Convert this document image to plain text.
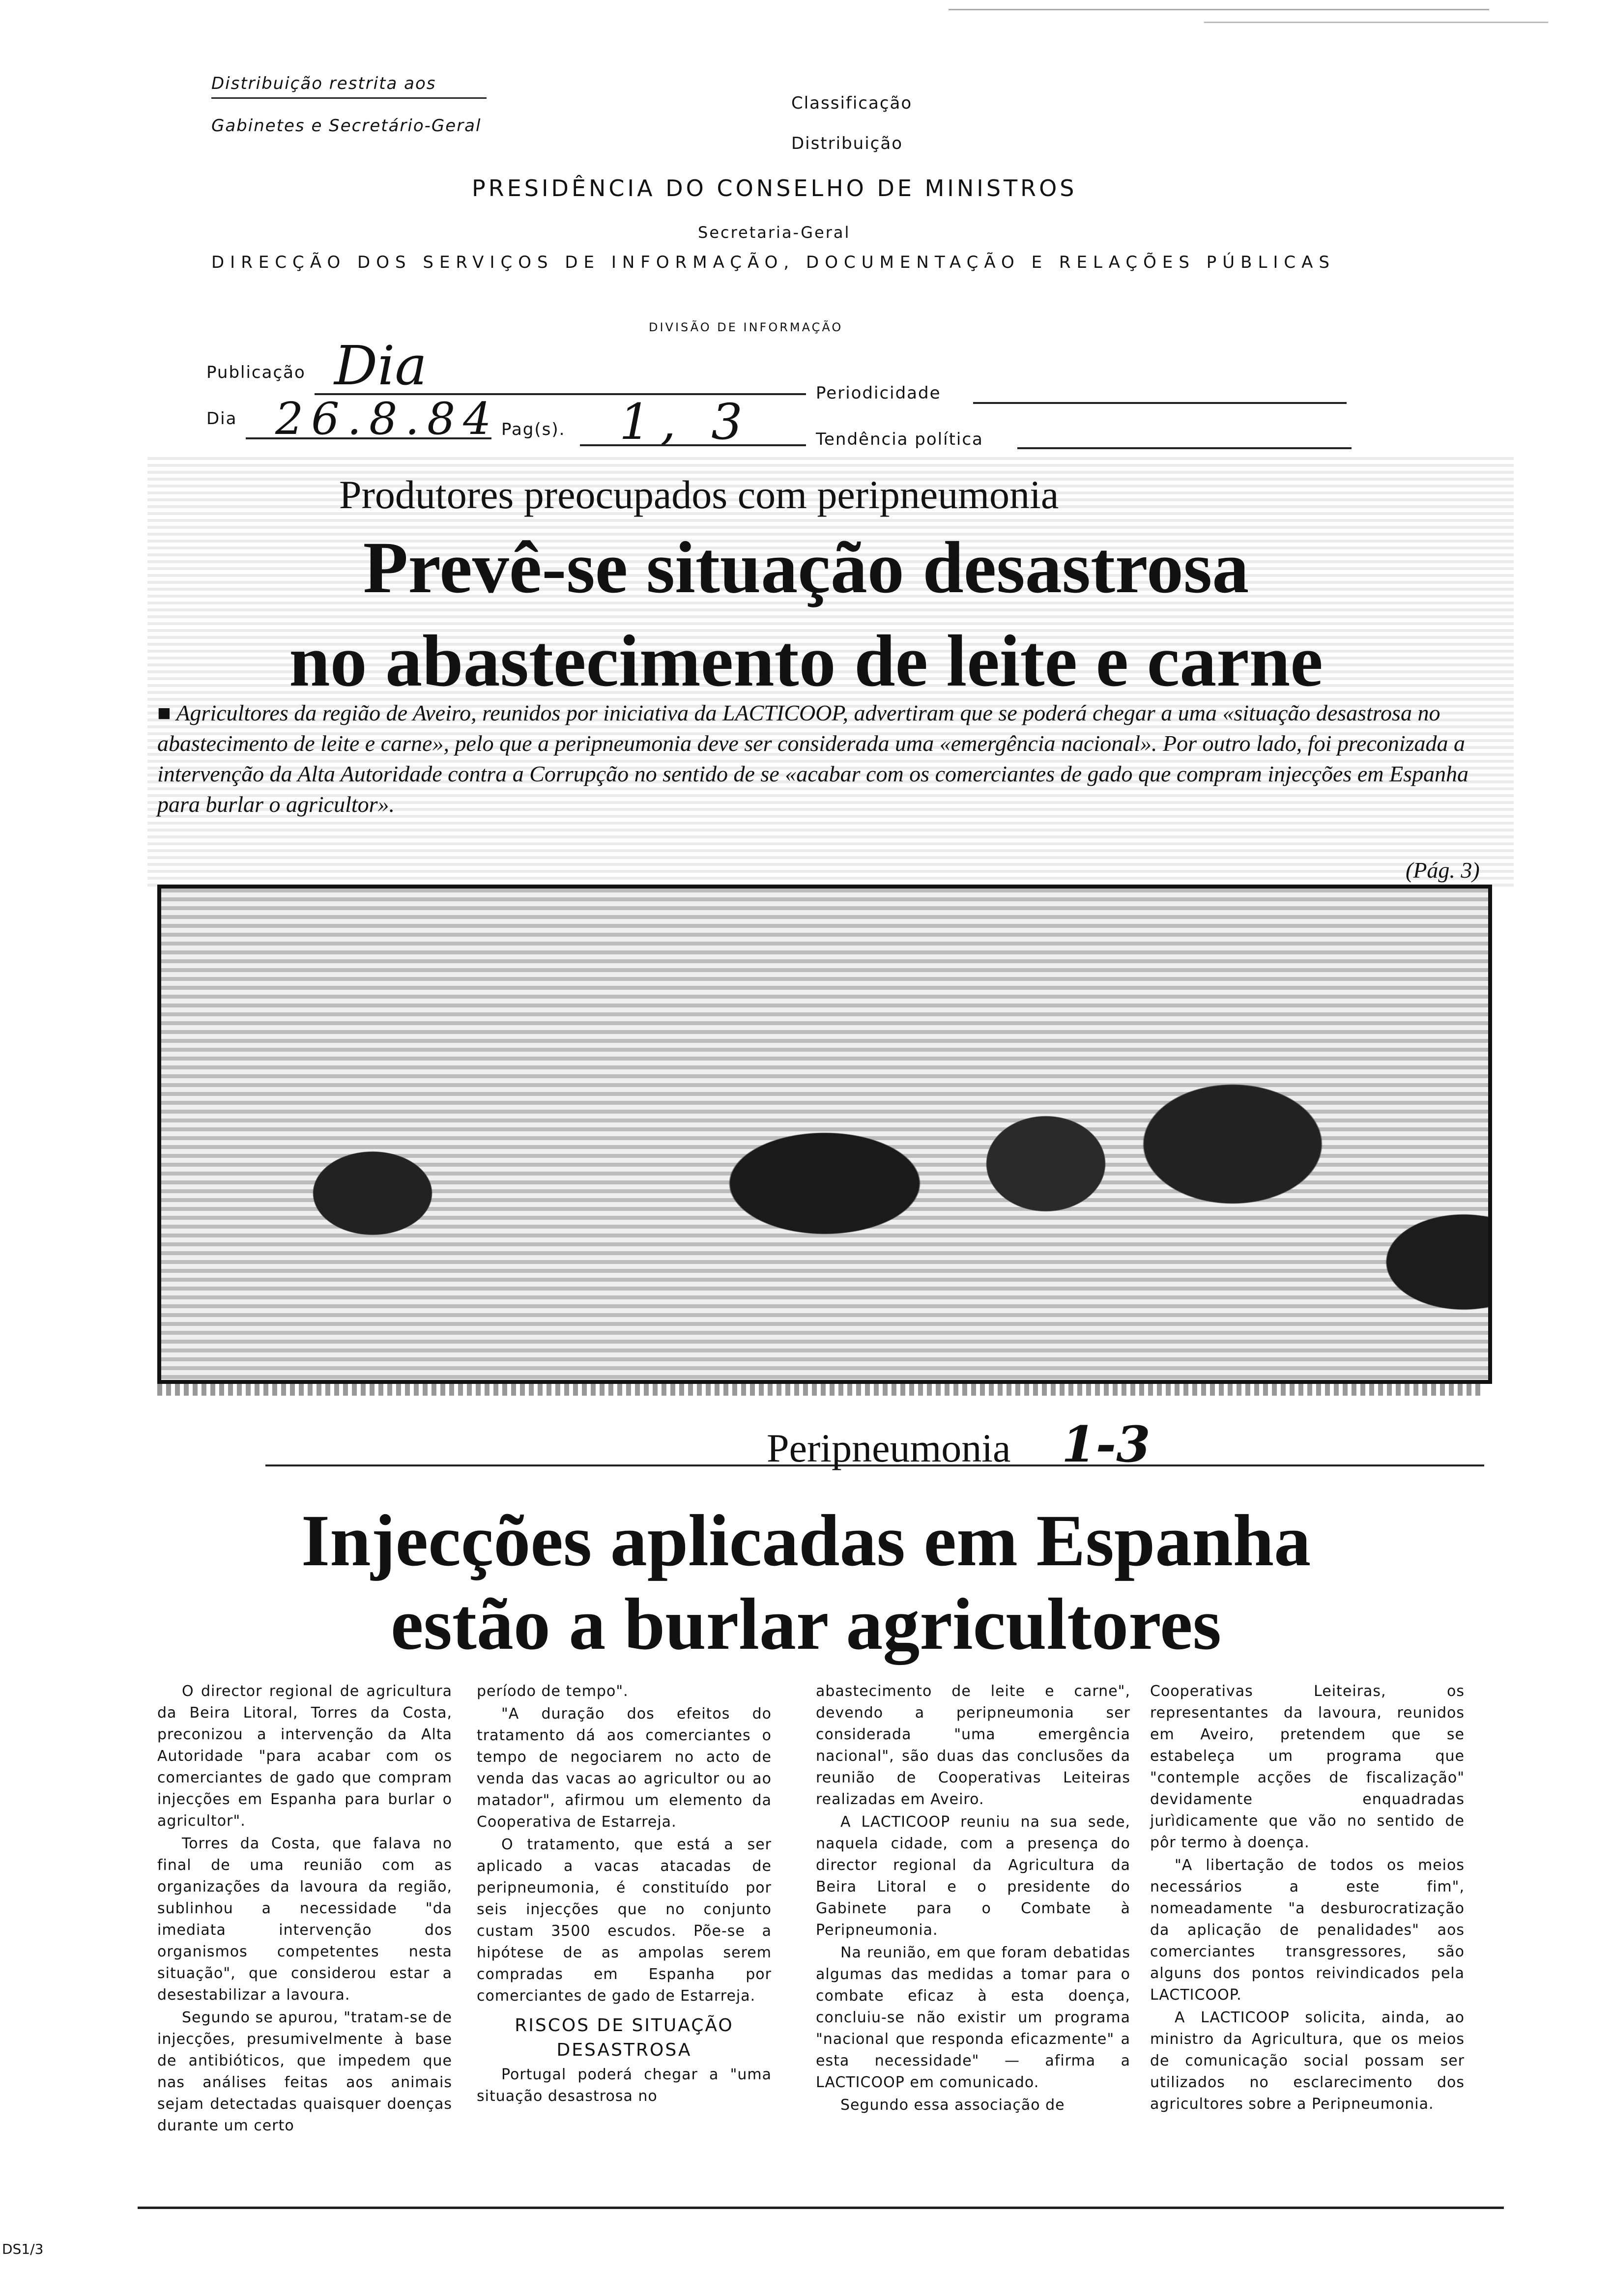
Distribuição restrita aos
Gabinetes e Secretário-Geral
Classificação
Distribuição
PRESIDÊNCIA DO CONSELHO DE MINISTROS
Secretaria-Geral
DIRECÇÃO DOS SERVIÇOS DE INFORMAÇÃO, DOCUMENTAÇÃO E RELAÇÕES PÚBLICAS
DIVISÃO DE INFORMAÇÃO
Publicação Dia	Periodicidade
Dia 26.8.84 Pag(s). 1, 3	Tendência política
Produtores preocupados com peripneumonia
Prevê-se situação desastrosa
no abastecimento de leite e carne
■ Agricultores da região de Aveiro, reunidos por iniciativa da LACTICOOP, advertiram que se poderá chegar a uma «situação desastrosa no abastecimento de leite e carne», pelo que a peripneumonia deve ser considerada uma «emergência nacional». Por outro lado, foi preconizada a intervenção da Alta Autoridade contra a Corrupção no sentido de se «acabar com os comerciantes de gado que compram injecções em Espanha para burlar o agricultor».
(Pág. 3)
Peripneumonia 1-3
Injecções aplicadas em Espanha
estão a burlar agricultores

O director regional de agricultura da Beira Litoral, Torres da Costa, preconizou a intervenção da Alta Autoridade "para acabar com os comerciantes de gado que compram injecções em Espanha para burlar o agricultor".

Torres da Costa, que falava no final de uma reunião com as organizações da lavoura da região, sublinhou a necessidade "da imediata intervenção dos organismos competentes nesta situação", que considerou estar a desestabilizar a lavoura.

Segundo se apurou, "tratam-se de injecções, presumivelmente à base de antibióticos, que impedem que nas análises feitas aos animais sejam detectadas quaisquer doenças durante um certo

período de tempo".

"A duração dos efeitos do tratamento dá aos comerciantes o tempo de negociarem no acto de venda das vacas ao agricultor ou ao matador", afirmou um elemento da Cooperativa de Estarreja.

O tratamento, que está a ser aplicado a vacas atacadas de peripneumonia, é constituído por seis injecções que no conjunto custam 3500 escudos. Põe-se a hipótese de as ampolas serem compradas em Espanha por comerciantes de gado de Estarreja.

RISCOS DE SITUAÇÃO
DESASTROSA

Portugal poderá chegar a "uma situação desastrosa no

abastecimento de leite e carne", devendo a peripneumonia ser considerada "uma emergência nacional", são duas das conclusões da reunião de Cooperativas Leiteiras realizadas em Aveiro.

A LACTICOOP reuniu na sua sede, naquela cidade, com a presença do director regional da Agricultura da Beira Litoral e o presidente do Gabinete para o Combate à Peripneumonia.

Na reunião, em que foram debatidas algumas das medidas a tomar para o combate eficaz à esta doença, concluiu-se não existir um programa "nacional que responda eficazmente" a esta necessidade" — afirma a LACTICOOP em comunicado.

Segundo essa associação de

Cooperativas Leiteiras, os representantes da lavoura, reunidos em Aveiro, pretendem que se estabeleça um programa que "contemple acções de fiscalização" devidamente enquadradas jurìdicamente que vão no sentido de pôr termo à doença.

"A libertação de todos os meios necessários a este fim", nomeadamente "a desburocratização da aplicação de penalidades" aos comerciantes transgressores, são alguns dos pontos reivindicados pela LACTICOOP.

A LACTICOOP solicita, ainda, ao ministro da Agricultura, que os meios de comunicação social possam ser utilizados no esclarecimento dos agricultores sobre a Peripneumonia.

DS1/3
